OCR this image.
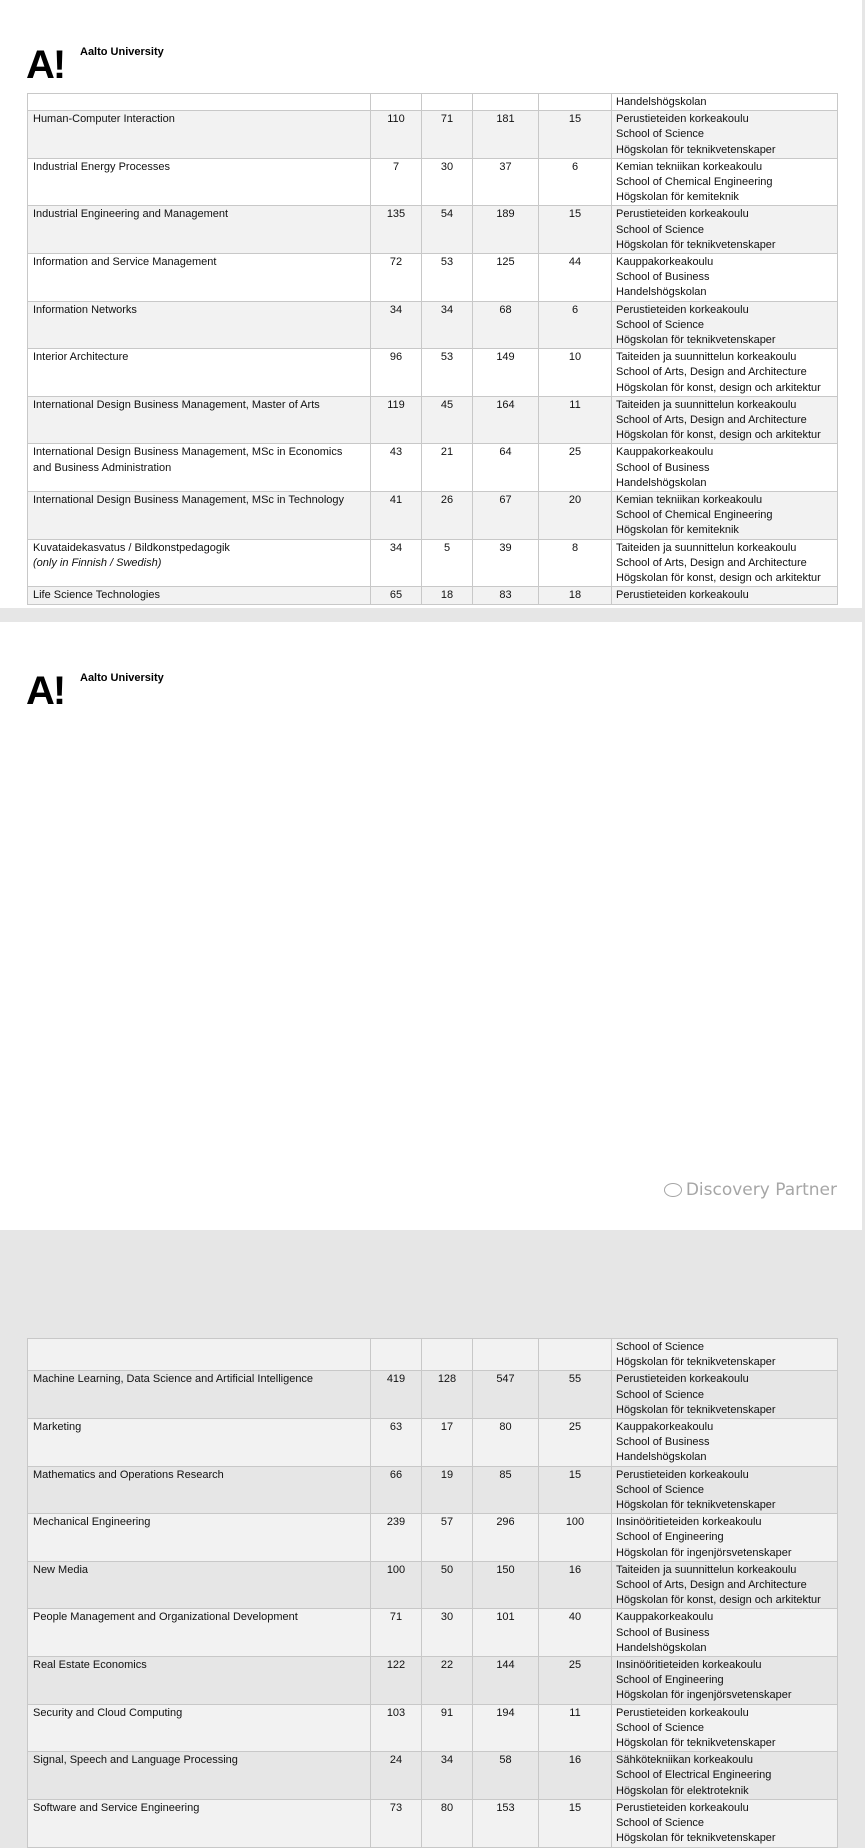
A! Aalto University

					Handelshögskolan

Human-Computer Interaction	110	71	181	15	Perustieteiden korkeakoulu
School of Science
Högskolan för teknikvetenskaper

Industrial Energy Processes	7	30	37	6	Kemian tekniikan korkeakoulu
School of Chemical Engineering
Högskolan för kemiteknik

Industrial Engineering and Management	135	54	189	15	Perustieteiden korkeakoulu
School of Science
Högskolan för teknikvetenskaper

Information and Service Management	72	53	125	44	Kauppakorkeakoulu
School of Business
Handelshögskolan

Information Networks	34	34	68	6	Perustieteiden korkeakoulu
School of Science
Högskolan för teknikvetenskaper

Interior Architecture	96	53	149	10	Taiteiden ja suunnittelun korkeakoulu
School of Arts, Design and Architecture
Högskolan för konst, design och arkitektur

International Design Business Management, Master of Arts	119	45	164	11	Taiteiden ja suunnittelun korkeakoulu
School of Arts, Design and Architecture
Högskolan för konst, design och arkitektur

International Design Business Management, MSc in Economics
and Business Administration	43	21	64	25	Kauppakorkeakoulu
School of Business
Handelshögskolan

International Design Business Management, MSc in Technology	41	26	67	20	Kemian tekniikan korkeakoulu
School of Chemical Engineering
Högskolan för kemiteknik

Kuvataidekasvatus / Bildkonstpedagogik
(only in Finnish / Swedish)	34	5	39	8	Taiteiden ja suunnittelun korkeakoulu
School of Arts, Design and Architecture
Högskolan för konst, design och arkitektur

Life Science Technologies	65	18	83	18	Perustieteiden korkeakoulu
A! Aalto University

					School of Science
Högskolan för teknikvetenskaper

Machine Learning, Data Science and Artificial Intelligence	419	128	547	55	Perustieteiden korkeakoulu
School of Science
Högskolan för teknikvetenskaper

Marketing	63	17	80	25	Kauppakorkeakoulu
School of Business
Handelshögskolan

Mathematics and Operations Research	66	19	85	15	Perustieteiden korkeakoulu
School of Science
Högskolan för teknikvetenskaper

Mechanical Engineering	239	57	296	100	Insinööritieteiden korkeakoulu
School of Engineering
Högskolan för ingenjörsvetenskaper

New Media	100	50	150	16	Taiteiden ja suunnittelun korkeakoulu
School of Arts, Design and Architecture
Högskolan för konst, design och arkitektur

People Management and Organizational Development	71	30	101	40	Kauppakorkeakoulu
School of Business
Handelshögskolan

Real Estate Economics	122	22	144	25	Insinööritieteiden korkeakoulu
School of Engineering
Högskolan för ingenjörsvetenskaper

Security and Cloud Computing	103	91	194	11	Perustieteiden korkeakoulu
School of Science
Högskolan för teknikvetenskaper

Signal, Speech and Language Processing	24	34	58	16	Sähkötekniikan korkeakoulu
School of Electrical Engineering
Högskolan för elektroteknik

Software and Service Engineering	73	80	153	15	Perustieteiden korkeakoulu
School of Science
Högskolan för teknikvetenskaper
Discovery Partner
